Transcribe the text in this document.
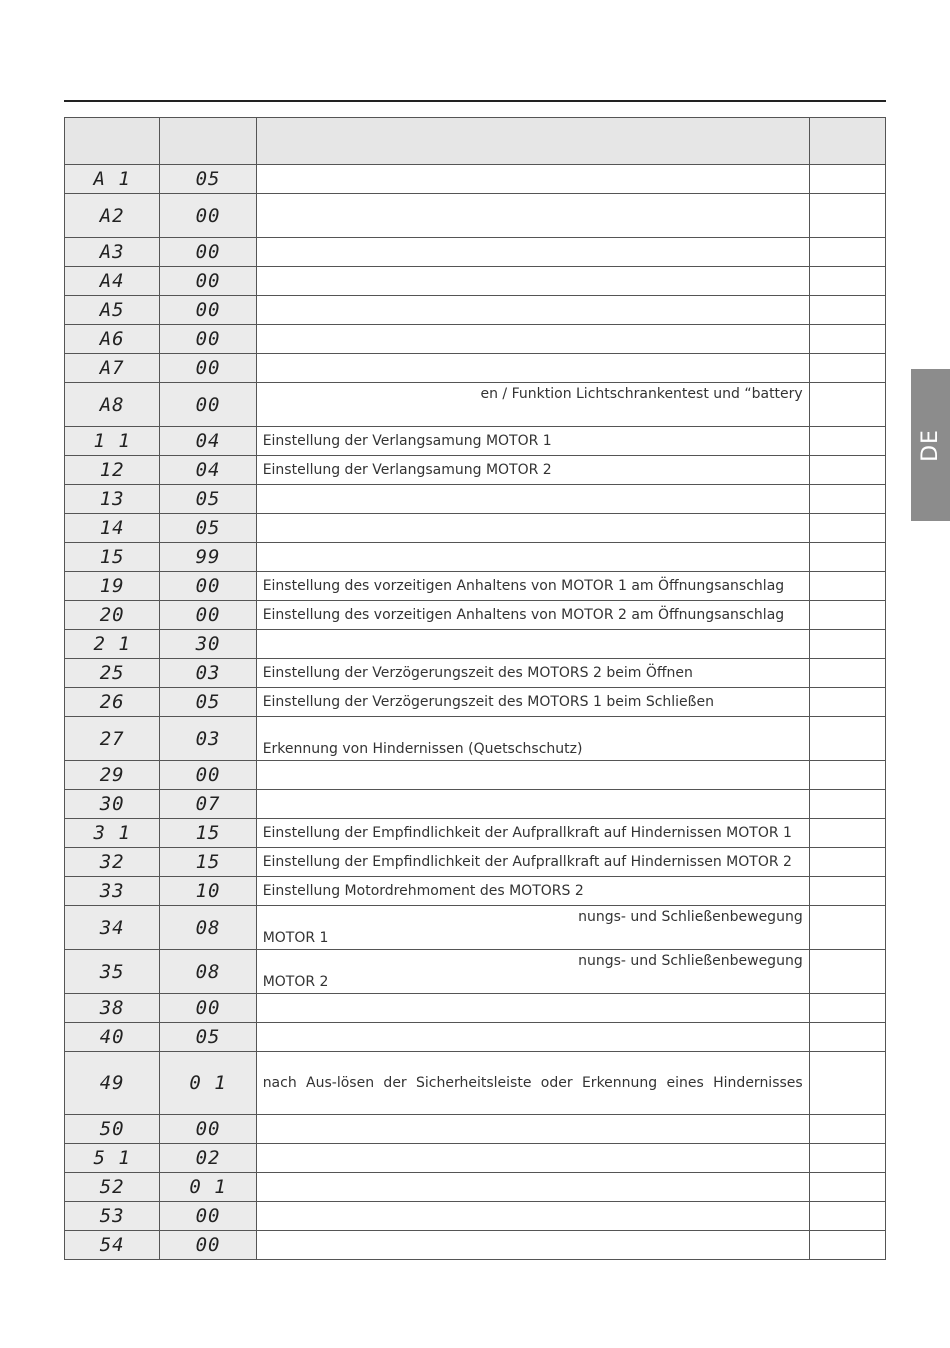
A 1	05		
A2	00		
A3	00		
A4	00		
A5	00		
A6	00		
A7	00		
A8	00	en / Funktion Lichtschrankentest und “battery	

1 1	04	Einstellung der Verlangsamung MOTOR 1	

12	04	Einstellung der Verlangsamung MOTOR 2	

13	05		
14	05		
15	99		
19	00	Einstellung des vorzeitigen Anhaltens von MOTOR 1 am Öffnungsanschlag	

20	00	Einstellung des vorzeitigen Anhaltens von MOTOR 2 am Öffnungsanschlag	

2 1	30		
25	03	Einstellung der Verzögerungszeit des MOTORS 2 beim Öffnen	

26	05	Einstellung der Verzögerungszeit des MOTORS 1 beim Schließen	

27	03	Erkennung von Hindernissen (Quetschschutz)	

29	00		
30	07		
3 1	15	Einstellung der Empfindlichkeit der Aufprallkraft auf Hindernissen MOTOR 1	

32	15	Einstellung der Empfindlichkeit der Aufprallkraft auf Hindernissen MOTOR 2	

33	10	Einstellung Motordrehmoment des MOTORS 2	

34	08	nungs- und Schließenbewegung
MOTOR 1	

35	08	nungs- und Schließenbewegung
MOTOR 2	

38	00		
40	05		
49	0 1	nach Aus-lösen der Sicherheitsleiste oder Erkennung eines Hindernisses	

50	00		
5 1	02		
52	0 1		
53	00		
54	00		
DE
